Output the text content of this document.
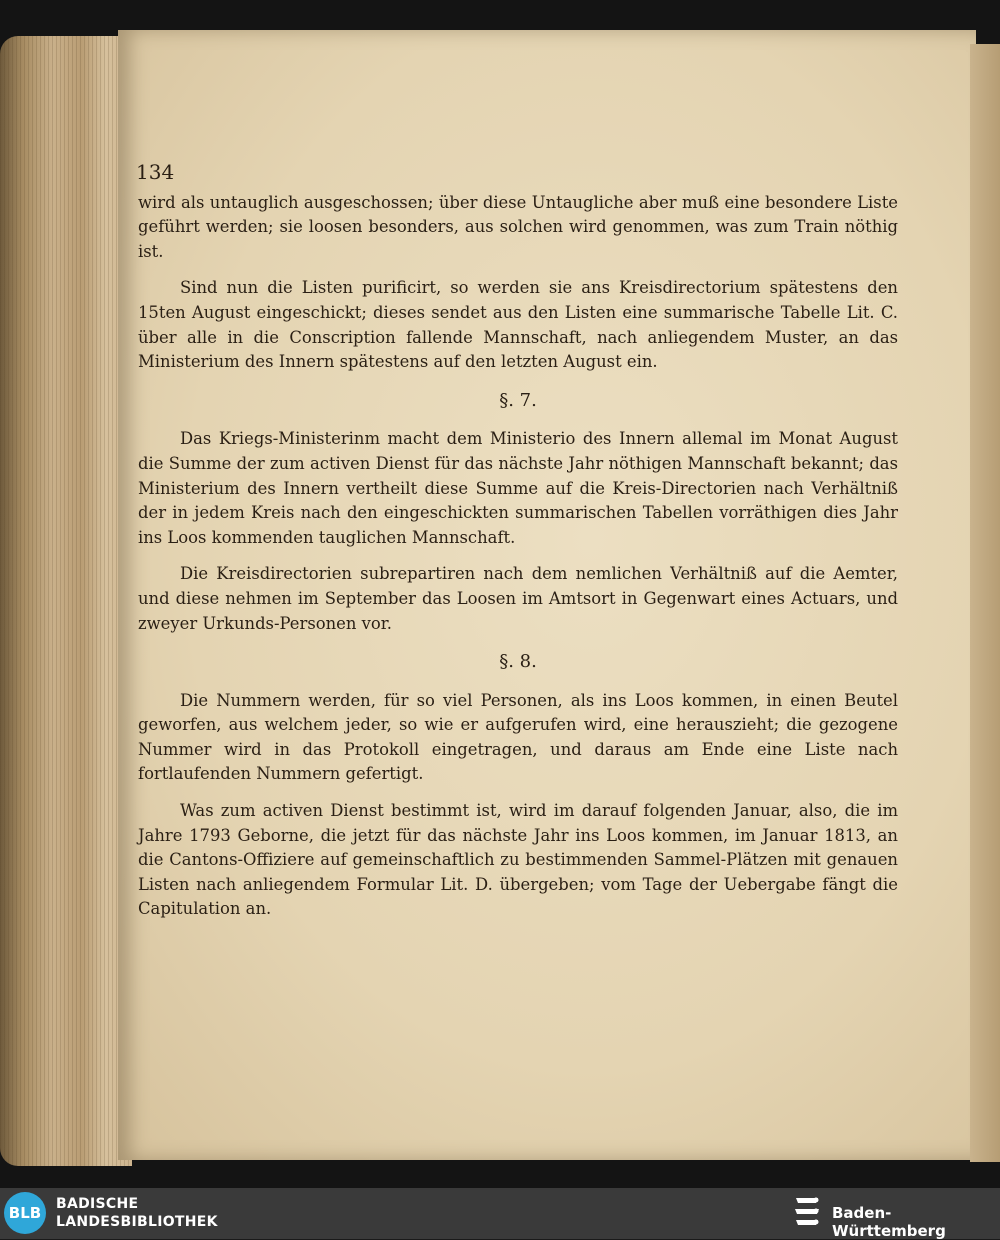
134

wird als untauglich ausgeschossen; über diese Untaugliche aber muß eine besondere Liste geführt werden; sie loosen besonders, aus solchen wird genommen, was zum Train nöthig ist.

Sind nun die Listen purificirt, so werden sie ans Kreisdirectorium spätestens den 15ten August eingeschickt; dieses sendet aus den Listen eine summarische Tabelle Lit. C. über alle in die Conscription fallende Mannschaft, nach anliegendem Muster, an das Ministerium des Innern spätestens auf den letzten August ein.

§. 7.

Das Kriegs-Ministerinm macht dem Ministerio des Innern allemal im Monat August die Summe der zum activen Dienst für das nächste Jahr nöthigen Mannschaft bekannt; das Ministerium des Innern vertheilt diese Summe auf die Kreis-Directorien nach Verhältniß der in jedem Kreis nach den eingeschickten summarischen Tabellen vorräthigen dies Jahr ins Loos kommenden tauglichen Mannschaft.

Die Kreisdirectorien subrepartiren nach dem nemlichen Verhältniß auf die Aemter, und diese nehmen im September das Loosen im Amtsort in Gegenwart eines Actuars, und zweyer Urkunds-Personen vor.

§. 8.

Die Nummern werden, für so viel Personen, als ins Loos kommen, in einen Beutel geworfen, aus welchem jeder, so wie er aufgerufen wird, eine herauszieht; die gezogene Nummer wird in das Protokoll eingetragen, und daraus am Ende eine Liste nach fortlaufenden Nummern gefertigt.

Was zum activen Dienst bestimmt ist, wird im darauf folgenden Januar, also, die im Jahre 1793 Geborne, die jetzt für das nächste Jahr ins Loos kommen, im Januar 1813, an die Cantons-Offiziere auf gemeinschaftlich zu bestimmenden Sammel-Plätzen mit genauen Listen nach anliegendem Formular Lit. D. übergeben; vom Tage der Uebergabe fängt die Capitulation an.

BLB	BADISCHE
LANDESBIBLIOTHEK	Baden-Württemberg
